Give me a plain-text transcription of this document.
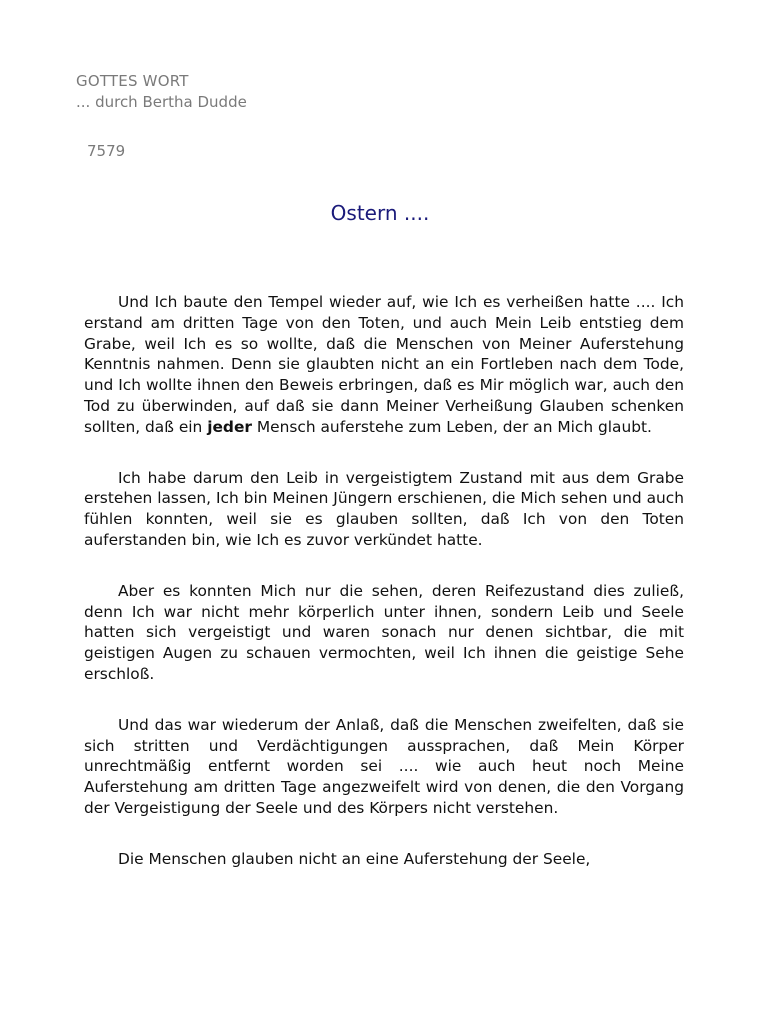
GOTTES WORT
... durch Bertha Dudde
7579
Ostern ....

Und Ich baute den Tempel wieder auf, wie Ich es verheißen hatte .... Ich erstand am dritten Tage von den Toten, und auch Mein Leib entstieg dem Grabe, weil Ich es so wollte, daß die Menschen von Meiner Auferstehung Kenntnis nahmen. Denn sie glaubten nicht an ein Fortleben nach dem Tode, und Ich wollte ihnen den Beweis erbringen, daß es Mir möglich war, auch den Tod zu überwinden, auf daß sie dann Meiner Verheißung Glauben schenken sollten, daß ein jeder Mensch auferstehe zum Leben, der an Mich glaubt.

Ich habe darum den Leib in vergeistigtem Zustand mit aus dem Grabe erstehen lassen, Ich bin Meinen Jüngern erschienen, die Mich sehen und auch fühlen konnten, weil sie es glauben sollten, daß Ich von den Toten auferstanden bin, wie Ich es zuvor verkündet hatte.

Aber es konnten Mich nur die sehen, deren Reifezustand dies zuließ, denn Ich war nicht mehr körperlich unter ihnen, sondern Leib und Seele hatten sich vergeistigt und waren sonach nur denen sichtbar, die mit geistigen Augen zu schauen vermochten, weil Ich ihnen die geistige Sehe erschloß.

Und das war wiederum der Anlaß, daß die Menschen zweifelten, daß sie sich stritten und Verdächtigungen aussprachen, daß Mein Körper unrechtmäßig entfernt worden sei .... wie auch heut noch Meine Auferstehung am dritten Tage angezweifelt wird von denen, die den Vorgang der Vergeistigung der Seele und des Körpers nicht verstehen.

Die Menschen glauben nicht an eine Auferstehung der Seele,
